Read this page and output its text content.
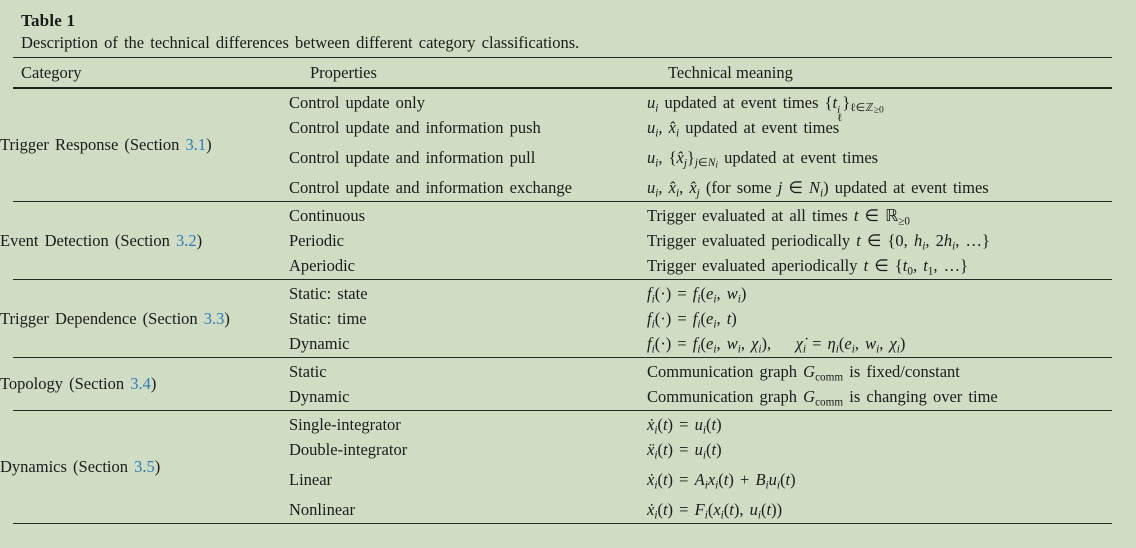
Table 1
Description of the technical differences between different category classifications.
Category	Properties	Technical meaning
Trigger Response (Section 3.1 )
Control update only
Control update and information push
Control update and information pull
Control update and information exchange
$u_i$ updated at event times {t i
ℓ
}$_{\ell\in ℤ\ge 0}$
$u_i$, $x̂_i$ updated at event times
$u_i$, $\{x̂_j\}_{j\in Ni}$ updated at event times
$u_i$, $x̂_i$, $x̂_j$ (for some j ∈ $N_i$) updated at event times
Event Detection (Section 3.2 )
Continuous
Periodic
Aperiodic
Trigger evaluated at all times t ∈ ℝ$_{\ge 0}$
Trigger evaluated periodically t ∈ {0, $h_i$, $2h_i$, …}
Trigger evaluated aperiodically t ∈ {$t_0$, $t_1$, …}
Trigger Dependence (Section 3.3 )
Static: state
Static: time
Dynamic
$f_i(\cdot) = f_i(e_i$, $w_i$)
$f_i(\cdot) = f_i(e_i$, t)
$f_i(\cdot) = f_i(e_i$, $w_i$, $\chi_i$),    $\chi̇_i = \eta_i(e_i$, $w_i$, $\chi_i$)
Topology (Section 3.4 )
Static
Dynamic
Communication graph $G_{comm}$ is fixed/constant
Communication graph $G_{comm}$ is changing over time
Dynamics (Section 3.5 )
Single-integrator
Double-integrator
Linear
Nonlinear
ẋ$_i$(t) = $u_i(t)$
ẍ$_i$(t) = $u_i(t)$
ẋ$_i$(t) = $A_ix_i(t) + B_iu_i(t)$
ẋ$_i$(t) = $F_i(x_i(t)$, $u_i(t)$)
